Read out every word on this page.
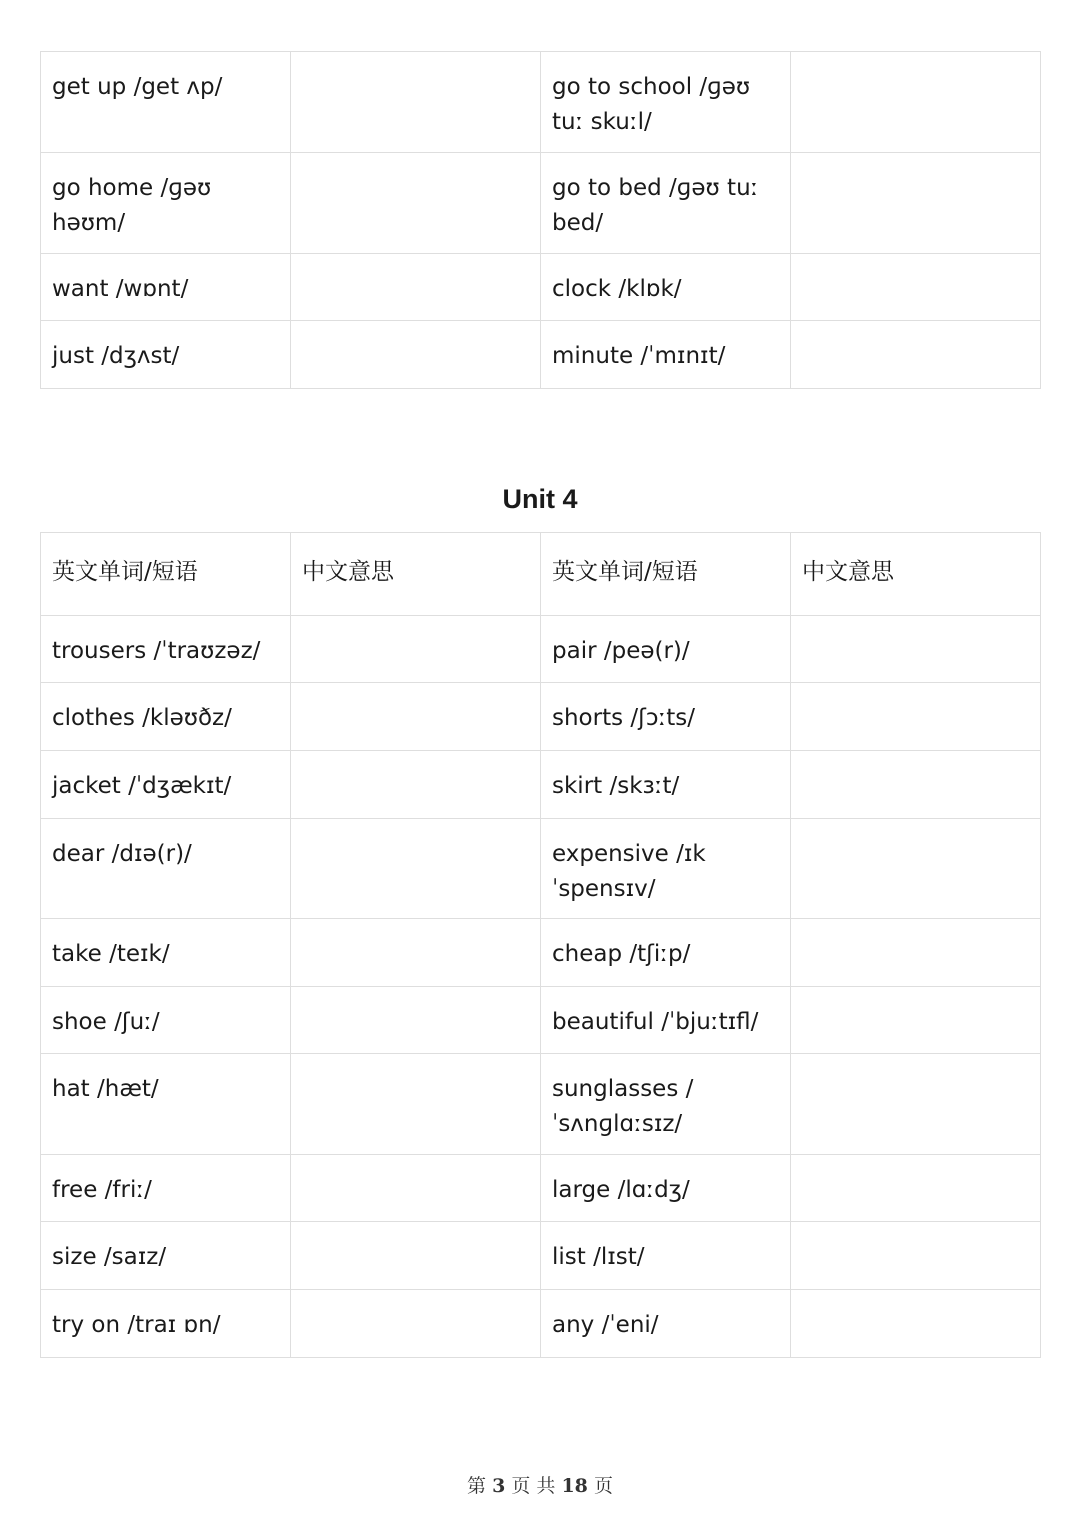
get up /get ʌp/		go to school /ɡəʊ tuː skuːl/	
go home /ɡəʊ həʊm/		go to bed /ɡəʊ tuː bed/	
want /wɒnt/		clock /klɒk/	
just /dʒʌst/		minute /ˈmɪnɪt/	
Unit 4
英文单词/短语	中文意思	英文单词/短语	中文意思
trousers /ˈtraʊzəz/		pair /peə(r)/	
clothes /kləʊðz/		shorts /ʃɔːts/	
jacket /ˈdʒækɪt/		skirt /skɜːt/	
dear /dɪə(r)/		expensive /ɪkˈspensɪv/	
take /teɪk/		cheap /tʃiːp/	
shoe /ʃuː/		beautiful /ˈbjuːtɪfl/	
hat /hæt/		sunglasses /ˈsʌnɡlɑːsɪz/	
free /friː/		large /lɑːdʒ/	
size /saɪz/		list /lɪst/	
try on /traɪ ɒn/		any /ˈeni/	
第 3 页 共 18 页
